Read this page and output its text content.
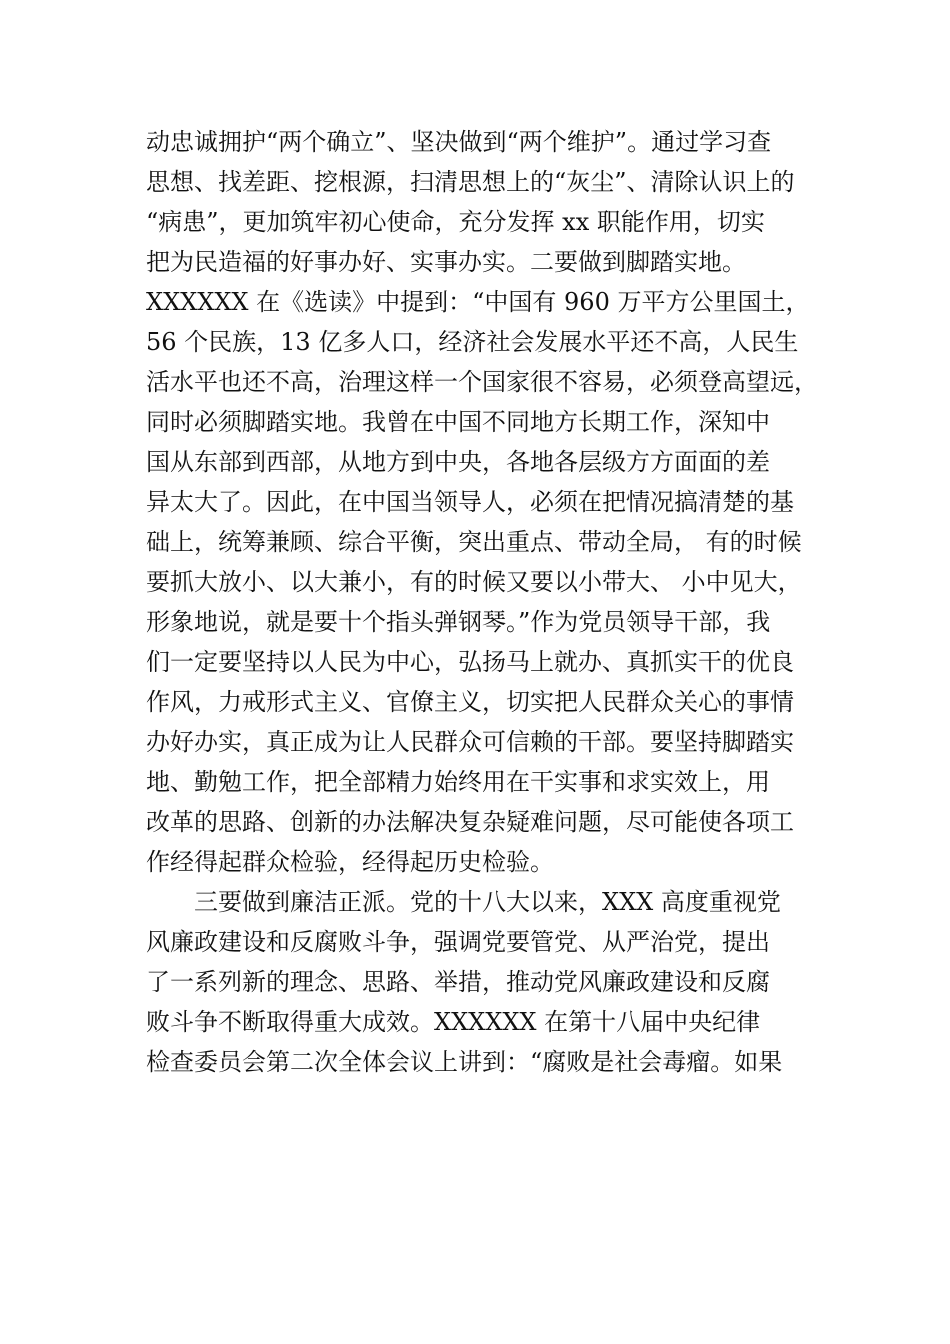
动忠诚拥护“两个确立”、坚决做到“两个维护”。通过学习查
思想、找差距、挖根源，扫清思想上的“灰尘”、清除认识上的
“病患”，更加筑牢初心使命，充分发挥 xx 职能作用，切实
把为民造福的好事办好、实事办实。二要做到脚踏实地。
XXXXXX 在《选读》中提到：“中国有 960 万平方公里国土，
56 个民族，13 亿多人口，经济社会发展水平还不高，人民生
活水平也还不高，治理这样一个国家很不容易，必须登高望远，
同时必须脚踏实地。我曾在中国不同地方长期工作，深知中
国从东部到西部，从地方到中央，各地各层级方方面面的差
异太大了。因此，在中国当领导人，必须在把情况搞清楚的基
础上，统筹兼顾、综合平衡，突出重点、带动全局， 有的时候
要抓大放小、以大兼小，有的时候又要以小带大、 小中见大，
形象地说，就是要十个指头弹钢琴。”作为党员领导干部，我
们一定要坚持以人民为中心，弘扬马上就办、真抓实干的优良
作风，力戒形式主义、官僚主义，切实把人民群众关心的事情
办好办实，真正成为让人民群众可信赖的干部。要坚持脚踏实
地、勤勉工作，把全部精力始终用在干实事和求实效上，用
改革的思路、创新的办法解决复杂疑难问题，尽可能使各项工
作经得起群众检验，经得起历史检验。
三要做到廉洁正派。党的十八大以来，XXX 高度重视党
风廉政建设和反腐败斗争，强调党要管党、从严治党，提出
了一系列新的理念、思路、举措，推动党风廉政建设和反腐
败斗争不断取得重大成效。XXXXXX 在第十八届中央纪律
检查委员会第二次全体会议上讲到：“腐败是社会毒瘤。如果
